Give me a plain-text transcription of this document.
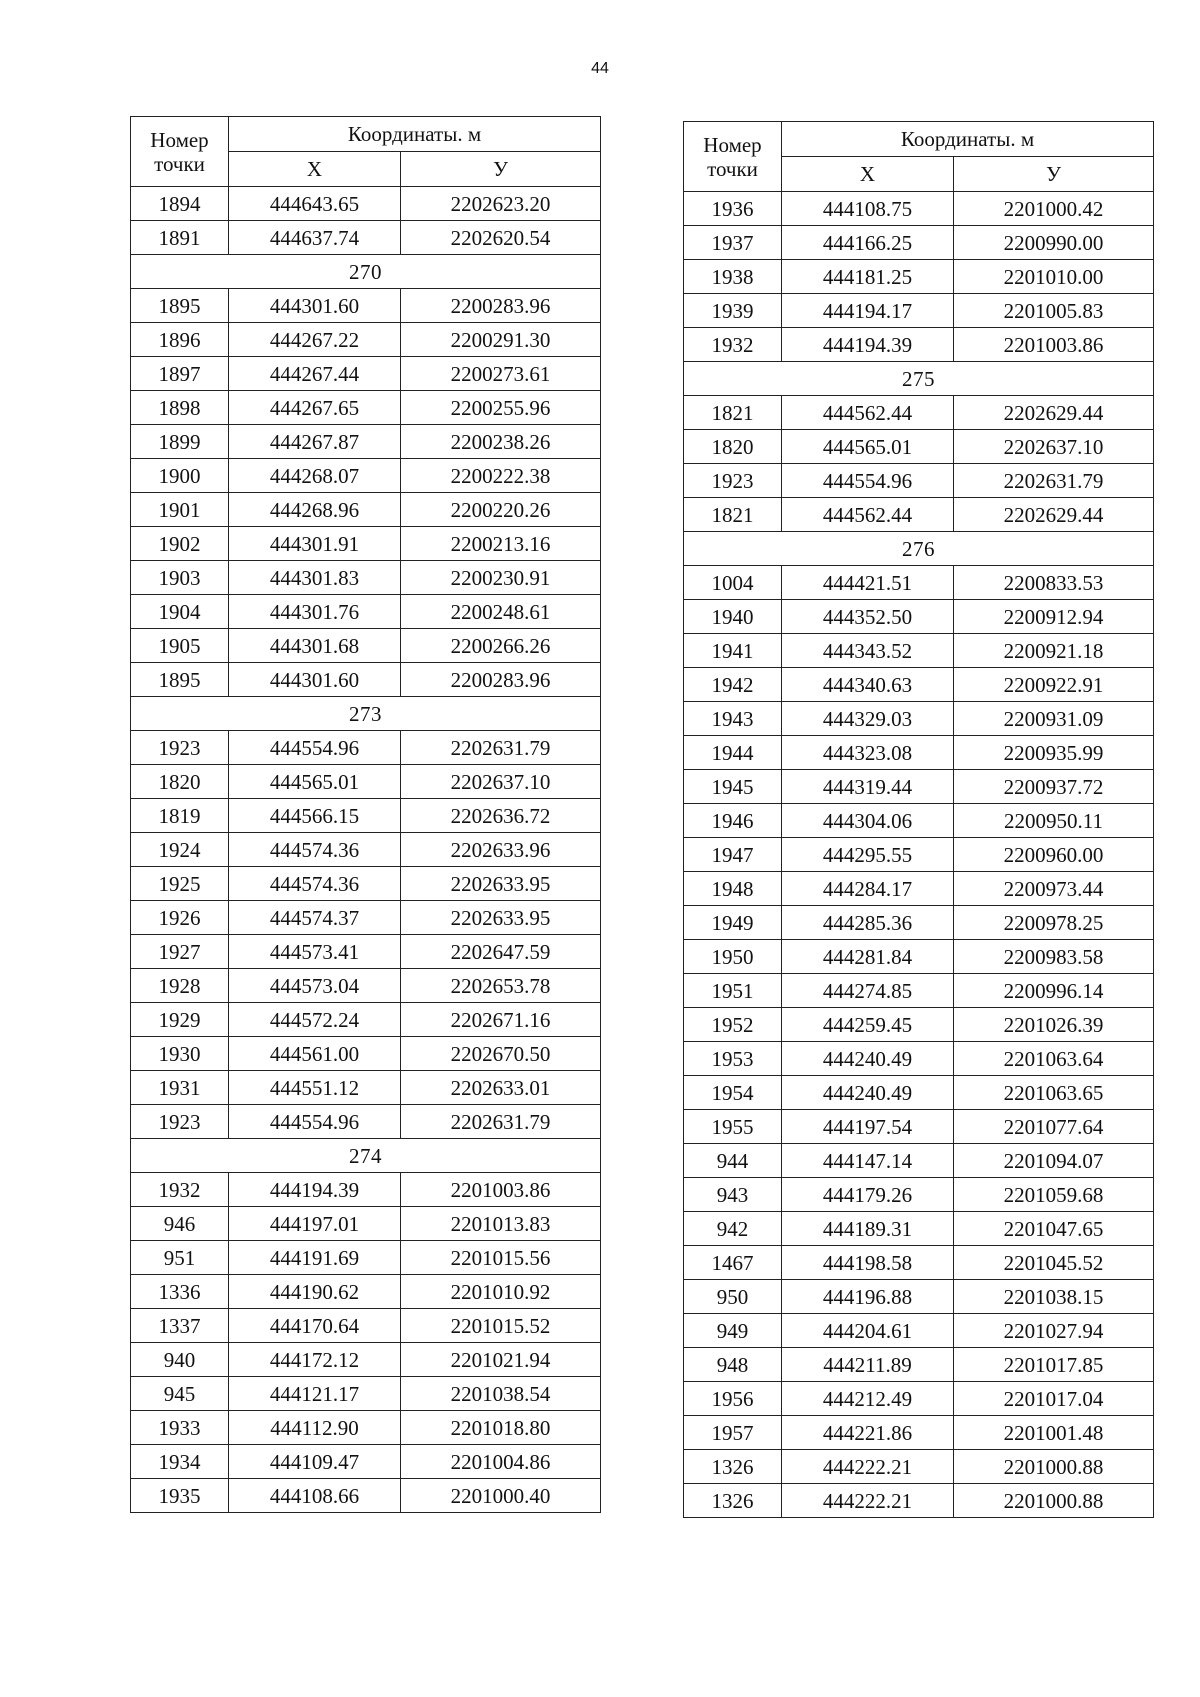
44
Номер
точки	Координаты. м	
	Х	У
1894	444643.65	2202623.20
1891	444637.74	2202620.54
270		
1895	444301.60	2200283.96
1896	444267.22	2200291.30
1897	444267.44	2200273.61
1898	444267.65	2200255.96
1899	444267.87	2200238.26
1900	444268.07	2200222.38
1901	444268.96	2200220.26
1902	444301.91	2200213.16
1903	444301.83	2200230.91
1904	444301.76	2200248.61
1905	444301.68	2200266.26
1895	444301.60	2200283.96
273		
1923	444554.96	2202631.79
1820	444565.01	2202637.10
1819	444566.15	2202636.72
1924	444574.36	2202633.96
1925	444574.36	2202633.95
1926	444574.37	2202633.95
1927	444573.41	2202647.59
1928	444573.04	2202653.78
1929	444572.24	2202671.16
1930	444561.00	2202670.50
1931	444551.12	2202633.01
1923	444554.96	2202631.79
274		
1932	444194.39	2201003.86
946	444197.01	2201013.83
951	444191.69	2201015.56
1336	444190.62	2201010.92
1337	444170.64	2201015.52
940	444172.12	2201021.94
945	444121.17	2201038.54
1933	444112.90	2201018.80
1934	444109.47	2201004.86
1935	444108.66	2201000.40
Номер
точки	Координаты. м	
	Х	У
1936	444108.75	2201000.42
1937	444166.25	2200990.00
1938	444181.25	2201010.00
1939	444194.17	2201005.83
1932	444194.39	2201003.86
275		
1821	444562.44	2202629.44
1820	444565.01	2202637.10
1923	444554.96	2202631.79
1821	444562.44	2202629.44
276		
1004	444421.51	2200833.53
1940	444352.50	2200912.94
1941	444343.52	2200921.18
1942	444340.63	2200922.91
1943	444329.03	2200931.09
1944	444323.08	2200935.99
1945	444319.44	2200937.72
1946	444304.06	2200950.11
1947	444295.55	2200960.00
1948	444284.17	2200973.44
1949	444285.36	2200978.25
1950	444281.84	2200983.58
1951	444274.85	2200996.14
1952	444259.45	2201026.39
1953	444240.49	2201063.64
1954	444240.49	2201063.65
1955	444197.54	2201077.64
944	444147.14	2201094.07
943	444179.26	2201059.68
942	444189.31	2201047.65
1467	444198.58	2201045.52
950	444196.88	2201038.15
949	444204.61	2201027.94
948	444211.89	2201017.85
1956	444212.49	2201017.04
1957	444221.86	2201001.48
1326	444222.21	2201000.88
1326	444222.21	2201000.88
